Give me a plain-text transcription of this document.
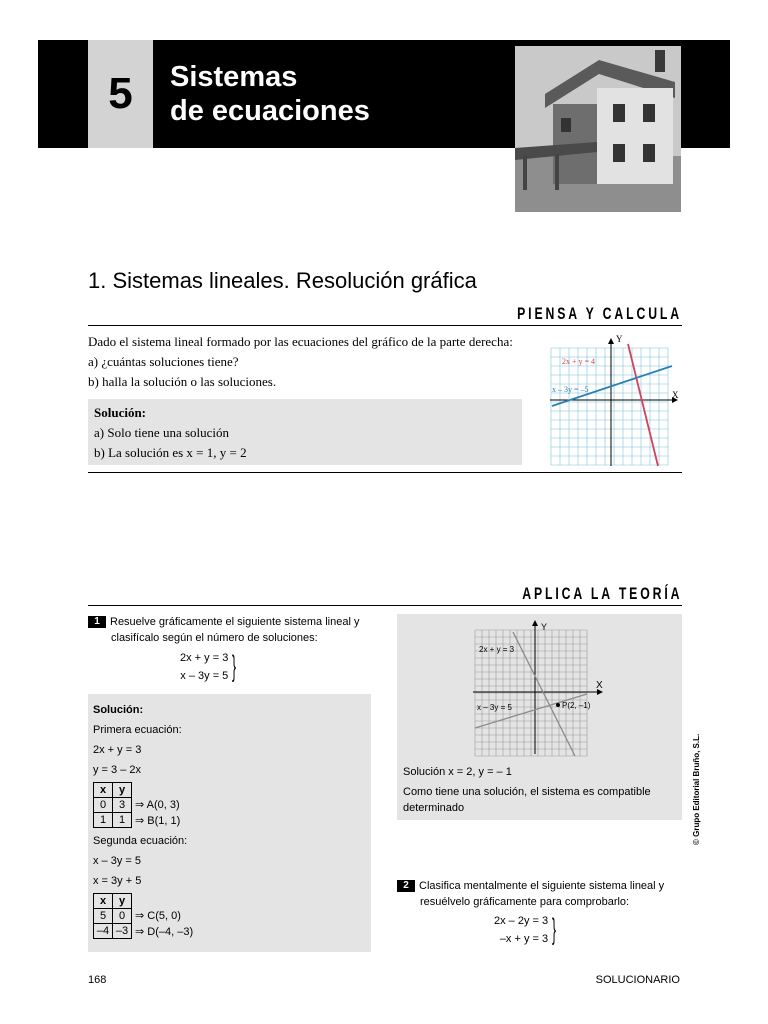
5	Sistemas
de ecuaciones
1. Sistemas lineales. Resolución gráfica
PIENSA Y CALCULA
Dado el sistema lineal formado por las ecuaciones del gráfico de la parte derecha:
a) ¿cuántas soluciones tiene?
b) halla la solución o las soluciones.
Solución:
a) Solo tiene una solución
b) La solución es x = 1, y = 2
Y
X
2x + y = 4
x – 3y = –5
APLICA LA TEORÍA
1 Resuelve gráficamente el siguiente sistema lineal y
clasifícalo según el número de soluciones:
2x + y = 3
x – 3y = 5 }
Solución:
Primera ecuación:
2x + y = 3
y = 3 – 2x
x	y
0	3
1	1
⇒ A(0, 3)
⇒ B(1, 1)
Segunda ecuación:
x – 3y = 5
x = 3y + 5
x	y
5	0
–4	–3
⇒ C(5, 0)
⇒ D(–4, –3)
Y
X
2x + y = 3
x – 3y = 5	P(2, –1)
Solución x = 2, y = – 1
Como tiene una solución, el sistema es compatible
determinado
2 Clasifica mentalmente el siguiente sistema lineal y
resuélvelo gráficamente para comprobarlo:
2x – 2y = 3
–x + y = 3 }
© Grupo Editorial Bruño, S.L.
168	SOLUCIONARIO
